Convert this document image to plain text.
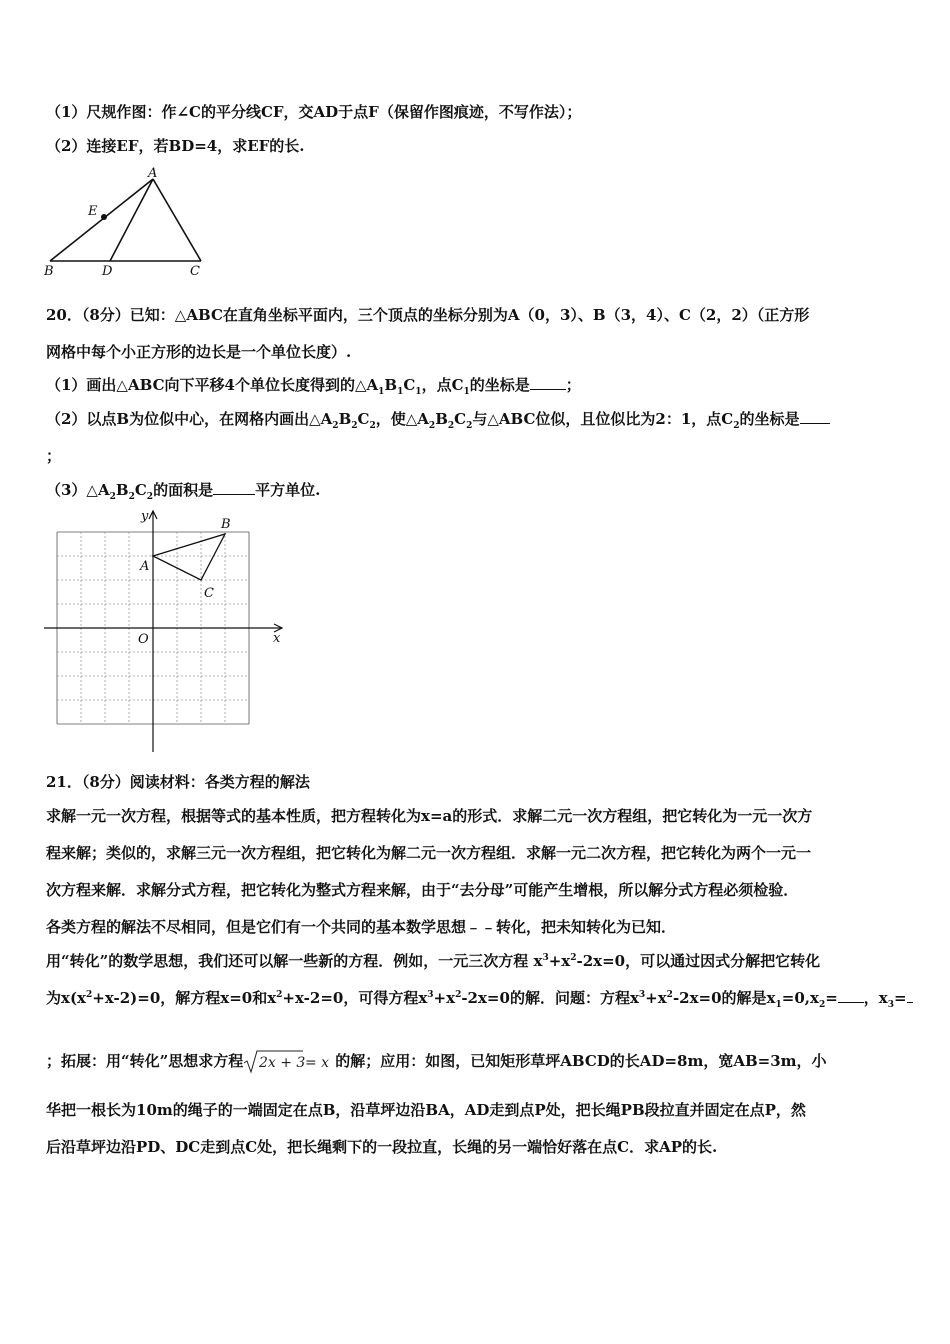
（1）尺规作图：作∠C的平分线CF，交AD于点F（保留作图痕迹，不写作法）；
（2）连接EF，若BD=4，求EF的长.
A
E
B	D	C
20．（8分）已知：△ABC在直角坐标平面内，三个顶点的坐标分别为A（0，3）、B（3，4）、C（2，2）（正方形
网格中每个小正方形的边长是一个单位长度）.
（1）画出△ABC向下平移4个单位长度得到的$\triangle A_1B_1C_1$，点$C_1$的坐标是 ；
（2）以点B为位似中心，在网格内画出$\triangle A_2B_2C_2$，使$\triangle A_2B_2C_2$与△ABC位似，且位似比为2：1，点$C_2$的坐标是
；
$(3)\triangle A_2B_2C_2$的面积是	平方单位.
y
x
O
A
B
C
21．（8分）阅读材料：各类方程的解法
求解一元一次方程，根据等式的基本性质，把方程转化为x=a的形式．求解二元一次方程组，把它转化为一元一次方
程来解；类似的，求解三元一次方程组，把它转化为解二元一次方程组．求解一元二次方程，把它转化为两个一元一
次方程来解．求解分式方程，把它转化为整式方程来解，由于“去分母”可能产生增根，所以解分式方程必须检验．
各类方程的解法不尽相同，但是它们有一个共同的基本数学思想﹣﹣转化，把未知转化为已知．
用“转化”的数学思想，我们还可以解一些新的方程．例如，一元三次方程 $x^3+x^2-2x=0$，可以通过因式分解把它转化
为$x(x^2+x-2)=0$，解方程x=0和$x^2+x-2=0$，可得方程$x^3+x^2-2x=0$的解．问题：方程$x^3+x^2-2x=0$的解是$x_1=0,x_2=$ ，$x_3=$
；拓展：用“转化”思想求方程 2x + 3 = x 的解；应用：如图，已知矩形草坪ABCD的长AD=8m，宽AB=3m，小
华把一根长为10m的绳子的一端固定在点B，沿草坪边沿BA，AD走到点P处，把长绳PB段拉直并固定在点P，然
后沿草坪边沿PD、DC走到点C处，把长绳剩下的一段拉直，长绳的另一端恰好落在点C．求AP的长.
